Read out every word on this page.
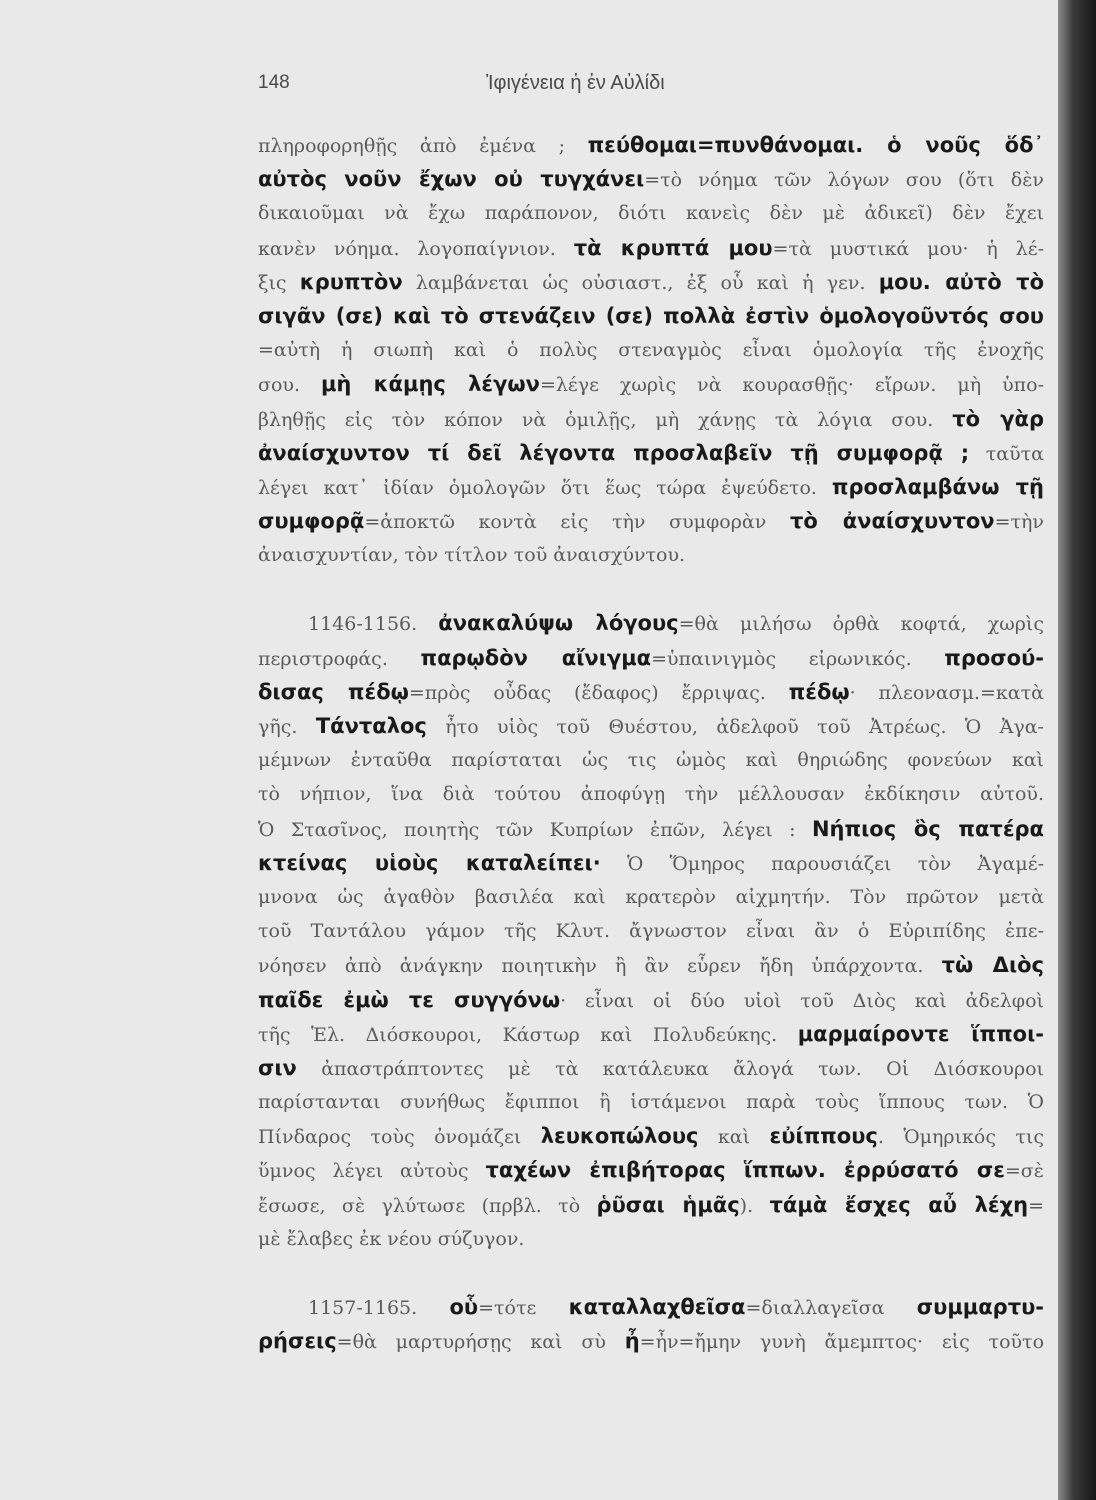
148	Ἰφιγένεια ἡ ἐν Αὐλίδι
πληροφορηθῇς ἀπὸ ἐμένα ; πεύθομαι=πυνθάνομαι. ὁ νοῦς ὅδ᾽
αὐτὸς νοῦν ἔχων οὐ τυγχάνει=τὸ νόημα τῶν λόγων σου (ὅτι δὲν
δικαιοῦμαι νὰ ἔχω παράπονον, διότι κανεὶς δὲν μὲ ἀδικεῖ) δὲν ἔχει
κανὲν νόημα. λογοπαίγνιον. τὰ κρυπτά μου=τὰ μυστικά μου· ἡ λέ-
ξις κρυπτὸν λαμβάνεται ὡς οὐσιαστ., ἐξ οὗ καὶ ἡ γεν. μου. αὐτὸ τὸ
σιγᾶν (σε) καὶ τὸ στενάζειν (σε) πολλὰ ἐστὶν ὁμολογοῦντός σου
=αὐτὴ ἡ σιωπὴ καὶ ὁ πολὺς στεναγμὸς εἶναι ὁμολογία τῆς ἐνοχῆς
σου. μὴ κάμῃς λέγων=λέγε χωρὶς νὰ κουρασθῇς· εἴρων. μὴ ὑπο-
βληθῇς εἰς τὸν κόπον νὰ ὁμιλῇς, μὴ χάνῃς τὰ λόγια σου. τὸ γὰρ
ἀναίσχυντον τί δεῖ λέγοντα προσλαβεῖν τῇ συμφορᾷ ; ταῦτα
λέγει κατ᾽ ἰδίαν ὁμολογῶν ὅτι ἕως τώρα ἐψεύδετο. προσλαμβάνω τῇ
συμφορᾷ=ἀποκτῶ κοντὰ εἰς τὴν συμφορὰν τὸ ἀναίσχυντον=τὴν
ἀναισχυντίαν, τὸν τίτλον τοῦ ἀναισχύντου.
1146-1156. ἀνακαλύψω λόγους=θὰ μιλήσω ὀρθὰ κοφτά, χωρὶς
περιστροφάς. παρῳδὸν αἴνιγμα=ὑπαινιγμὸς εἰρωνικός. προσού-
δισας πέδῳ=πρὸς οὖδας (ἔδαφος) ἔρριψας. πέδῳ· πλεονασμ.=κατὰ
γῆς. Τάνταλος ἦτο υἱὸς τοῦ Θυέστου, ἀδελφοῦ τοῦ Ἀτρέως. Ὁ Ἀγα-
μέμνων ἐνταῦθα παρίσταται ὡς τις ὠμὸς καὶ θηριώδης φονεύων καὶ
τὸ νήπιον, ἵνα διὰ τούτου ἀποφύγῃ τὴν μέλλουσαν ἐκδίκησιν αὐτοῦ.
Ὁ Στασῖνος, ποιητὴς τῶν Κυπρίων ἐπῶν, λέγει : Νήπιος ὃς πατέρα
κτείνας υἱοὺς καταλείπει· Ὁ Ὅμηρος παρουσιάζει τὸν Ἀγαμέ-
μνονα ὡς ἀγαθὸν βασιλέα καὶ κρατερὸν αἰχμητήν. Τὸν πρῶτον μετὰ
τοῦ Ταντάλου γάμον τῆς Κλυτ. ἄγνωστον εἶναι ἂν ὁ Εὐριπίδης ἐπε-
νόησεν ἀπὸ ἀνάγκην ποιητικὴν ἢ ἂν εὗρεν ἤδη ὑπάρχοντα. τὼ Διὸς
παῖδε ἐμὼ τε συγγόνω· εἶναι οἱ δύο υἱοὶ τοῦ Διὸς καὶ ἀδελφοὶ
τῆς Ἑλ. Διόσκουροι, Κάστωρ καὶ Πολυδεύκης. μαρμαίροντε ἵπποι-
σιν ἀπαστράπτοντες μὲ τὰ κατάλευκα ἄλογά των. Οἱ Διόσκουροι
παρίστανται συνήθως ἔφιπποι ἢ ἱστάμενοι παρὰ τοὺς ἵππους των. Ὁ
Πίνδαρος τοὺς ὀνομάζει λευκοπώλους καὶ εὐίππους. Ὁμηρικός τις
ὕμνος λέγει αὐτοὺς ταχέων ἐπιβήτορας ἵππων. ἐρρύσατό σε=σὲ
ἔσωσε, σὲ γλύτωσε (πρβλ. τὸ ῥῦσαι ἡμᾶς). τάμὰ ἔσχες αὖ λέχη=
μὲ ἔλαβες ἐκ νέου σύζυγον.
1157-1165. οὗ=τότε καταλλαχθεῖσα=διαλλαγεῖσα συμμαρτυ-
ρήσεις=θὰ μαρτυρήσῃς καὶ σὺ ἦ=ἦν=ἤμην γυνὴ ἄμεμπτος· εἰς τοῦτο
